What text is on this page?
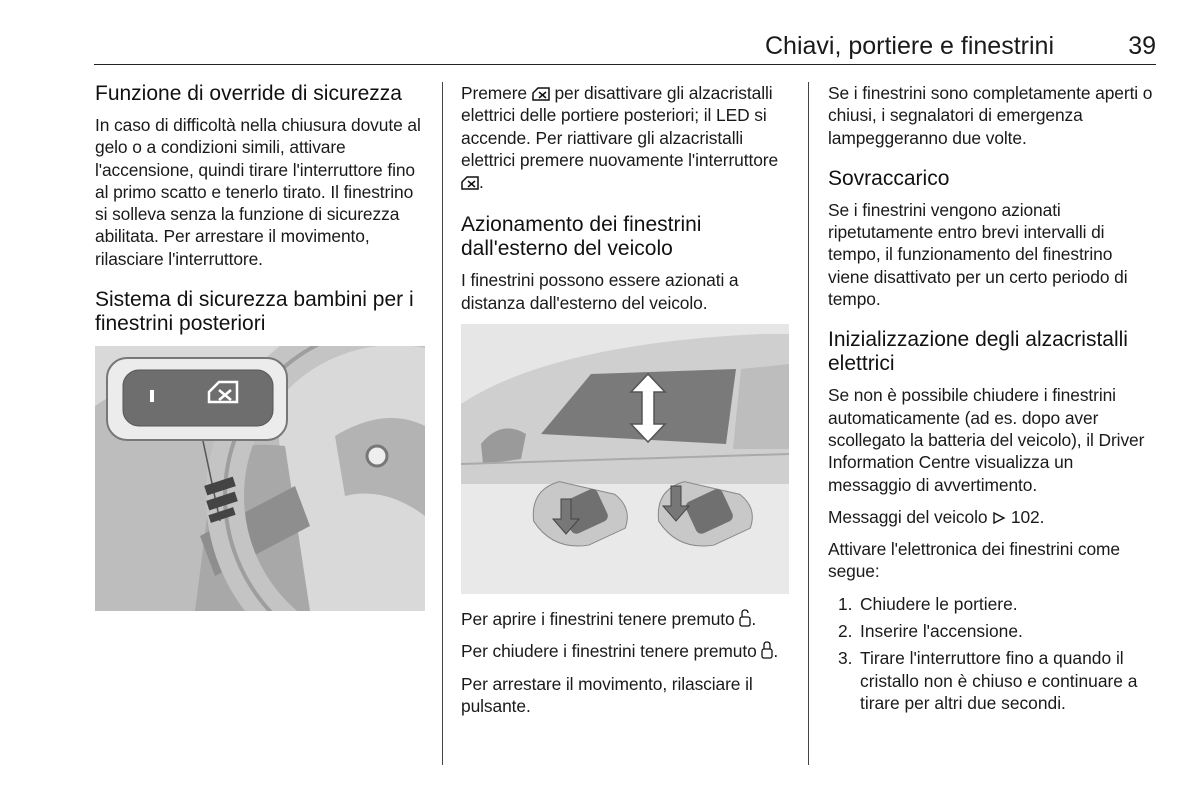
Chiavi, portiere e finestrini	39
Funzione di override di sicurezza

In caso di difficoltà nella chiusura dovute al gelo o a condizioni simili, attivare l'accensione, quindi tirare l'interruttore fino al primo scatto e tenerlo tirato. Il finestrino si solleva senza la funzione di sicurezza abilitata. Per arrestare il movimento, rilasciare l'interruttore.

Sistema di sicurezza bambini per i finestrini posteriori

Premere per disattivare gli alzacristalli elettrici delle portiere posteriori; il LED si accende. Per riattivare gli alzacristalli elettrici premere nuovamente l'interruttore .

Azionamento dei finestrini dall'esterno del veicolo

I finestrini possono essere azionati a distanza dall'esterno del veicolo.

Per aprire i finestrini tenere premuto .

Per chiudere i finestrini tenere premuto .

Per arrestare il movimento, rilasciare il pulsante.

Se i finestrini sono completamente aperti o chiusi, i segnalatori di emergenza lampeggeranno due volte.

Sovraccarico

Se i finestrini vengono azionati ripetutamente entro brevi intervalli di tempo, il funzionamento del finestrino viene disattivato per un certo periodo di tempo.

Inizializzazione degli alzacristalli elettrici

Se non è possibile chiudere i finestrini automaticamente (ad es. dopo aver scollegato la batteria del veicolo), il Driver Information Centre visualizza un messaggio di avvertimento.

Messaggi del veicolo 102.

Attivare l'elettronica dei finestrini come segue:

1. Chiudere le portiere.
2. Inserire l'accensione.
3. Tirare l'interruttore fino a quando il cristallo non è chiuso e continuare a tirare per altri due secondi.
